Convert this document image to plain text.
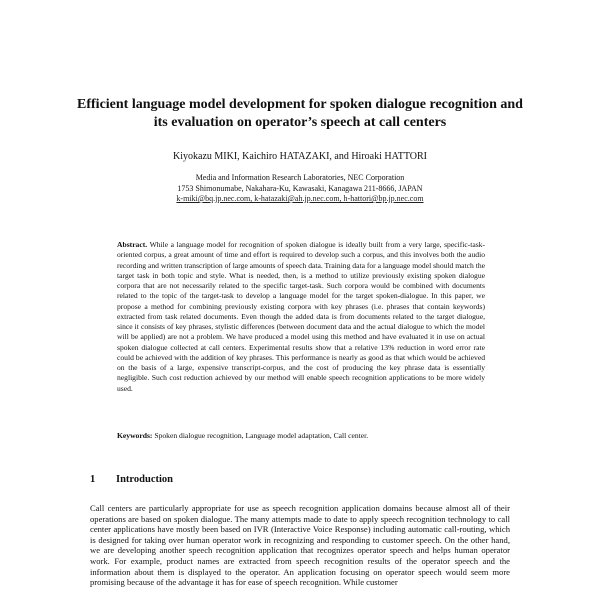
Efficient language model development for spoken dialogue recognition and its evaluation on operator’s speech at call centers

Kiyokazu MIKI, Kaichiro HATAZAKI, and Hiroaki HATTORI

Media and Information Research Laboratories, NEC Corporation
1753 Shimonumabe, Nakahara-Ku, Kawasaki, Kanagawa 211-8666, JAPAN
k-miki@bq.jp.nec.com, k-hatazaki@ah.jp.nec.com, h-hattori@bp.jp.nec.com

Abstract. While a language model for recognition of spoken dialogue is ideally built from a very large, specific-task-oriented corpus, a great amount of time and effort is required to develop such a corpus, and this involves both the audio recording and written transcription of large amounts of speech data. Training data for a language model should match the target task in both topic and style. What is needed, then, is a method to utilize previously existing spoken dialogue corpora that are not necessarily related to the specific target-task. Such corpora would be combined with documents related to the topic of the target-task to develop a language model for the target spoken-dialogue. In this paper, we propose a method for combining previously existing corpora with key phrases (i.e. phrases that contain keywords) extracted from task related documents. Even though the added data is from documents related to the target dialogue, since it consists of key phrases, stylistic differences (between document data and the actual dialogue to which the model will be applied) are not a problem. We have produced a model using this method and have evaluated it in use on actual spoken dialogue collected at call centers. Experimental results show that a relative 13% reduction in word error rate could be achieved with the addition of key phrases. This performance is nearly as good as that which would be achieved on the basis of a large, expensive transcript-corpus, and the cost of producing the key phrase data is essentially negligible. Such cost reduction achieved by our method will enable speech recognition applications to be more widely used.

Keywords: Spoken dialogue recognition, Language model adaptation, Call center.

1 Introduction

Call centers are particularly appropriate for use as speech recognition application domains because almost all of their operations are based on spoken dialogue. The many attempts made to date to apply speech recognition technology to call center applications have mostly been based on IVR (Interactive Voice Response) including automatic call-routing, which is designed for taking over human operator work in recognizing and responding to customer speech. On the other hand, we are developing another speech recognition application that recognizes operator speech and helps human operator work. For example, product names are extracted from speech recognition results of the operator speech and the information about them is displayed to the operator. An application focusing on operator speech would seem more promising because of the advantage it has for ease of speech recognition. While customer
